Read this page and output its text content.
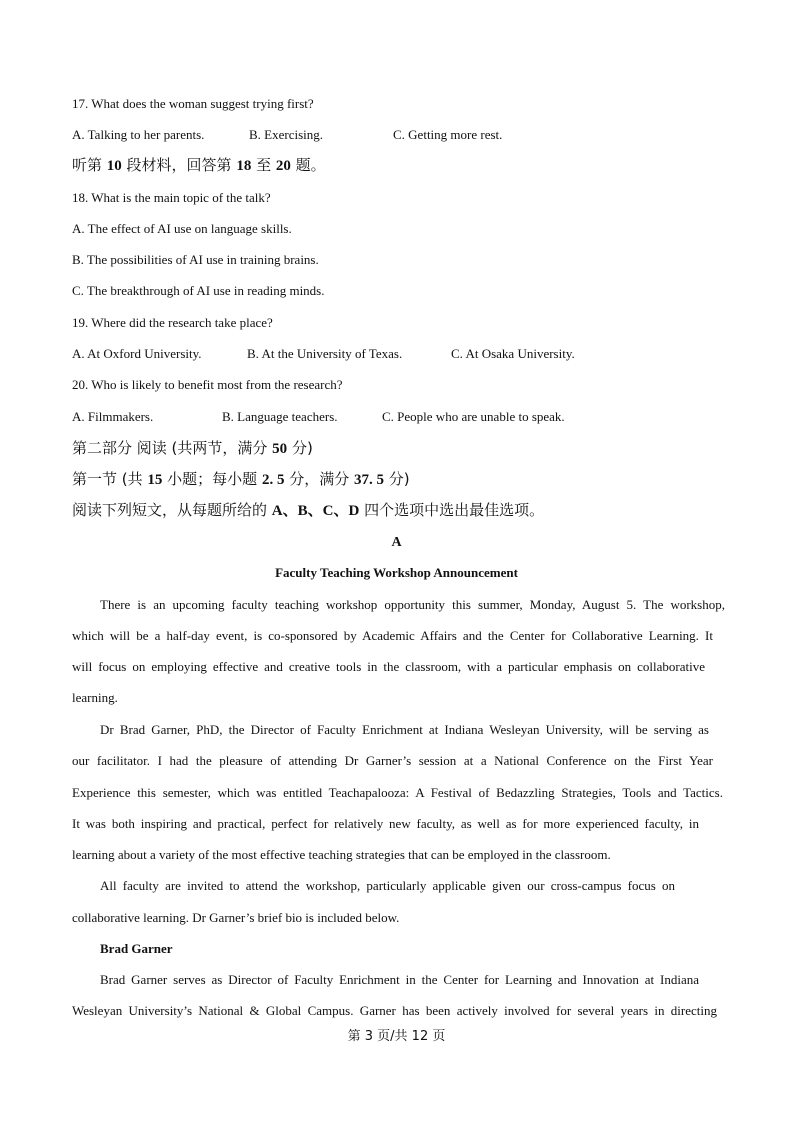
17. What does the woman suggest trying first?
A. Talking to her parents.	B. Exercising.	C. Getting more rest.
听第 10 段材料，回答第 18 至 20 题。
18. What is the main topic of the talk?
A. The effect of AI use on language skills.
B. The possibilities of AI use in training brains.
C. The breakthrough of AI use in reading minds.
19. Where did the research take place?
A. At Oxford University.	B. At the University of Texas.	C. At Osaka University.
20. Who is likely to benefit most from the research?
A. Filmmakers.	B. Language teachers.	C. People who are unable to speak.
第二部分 阅读 (共两节，满分 50 分)
第一节 (共 15 小题；每小题 2. 5 分，满分 37. 5 分)
阅读下列短文，从每题所给的 A、B、C、D 四个选项中选出最佳选项。
A
Faculty Teaching Workshop Announcement
There is an upcoming faculty teaching workshop opportunity this summer, Monday, August 5. The workshop,
which will be a half-day event, is co-sponsored by Academic Affairs and the Center for Collaborative Learning. It
will focus on employing effective and creative tools in the classroom, with a particular emphasis on collaborative
learning.
Dr Brad Garner, PhD, the Director of Faculty Enrichment at Indiana Wesleyan University, will be serving as
our facilitator. I had the pleasure of attending Dr Garner’s session at a National Conference on the First Year
Experience this semester, which was entitled Teachapalooza: A Festival of Bedazzling Strategies, Tools and Tactics.
It was both inspiring and practical, perfect for relatively new faculty, as well as for more experienced faculty, in
learning about a variety of the most effective teaching strategies that can be employed in the classroom.
All faculty are invited to attend the workshop, particularly applicable given our cross-campus focus on
collaborative learning. Dr Garner’s brief bio is included below.
Brad Garner
Brad Garner serves as Director of Faculty Enrichment in the Center for Learning and Innovation at Indiana
Wesleyan University’s National & Global Campus. Garner has been actively involved for several years in directing
第 3 页/共 12 页
